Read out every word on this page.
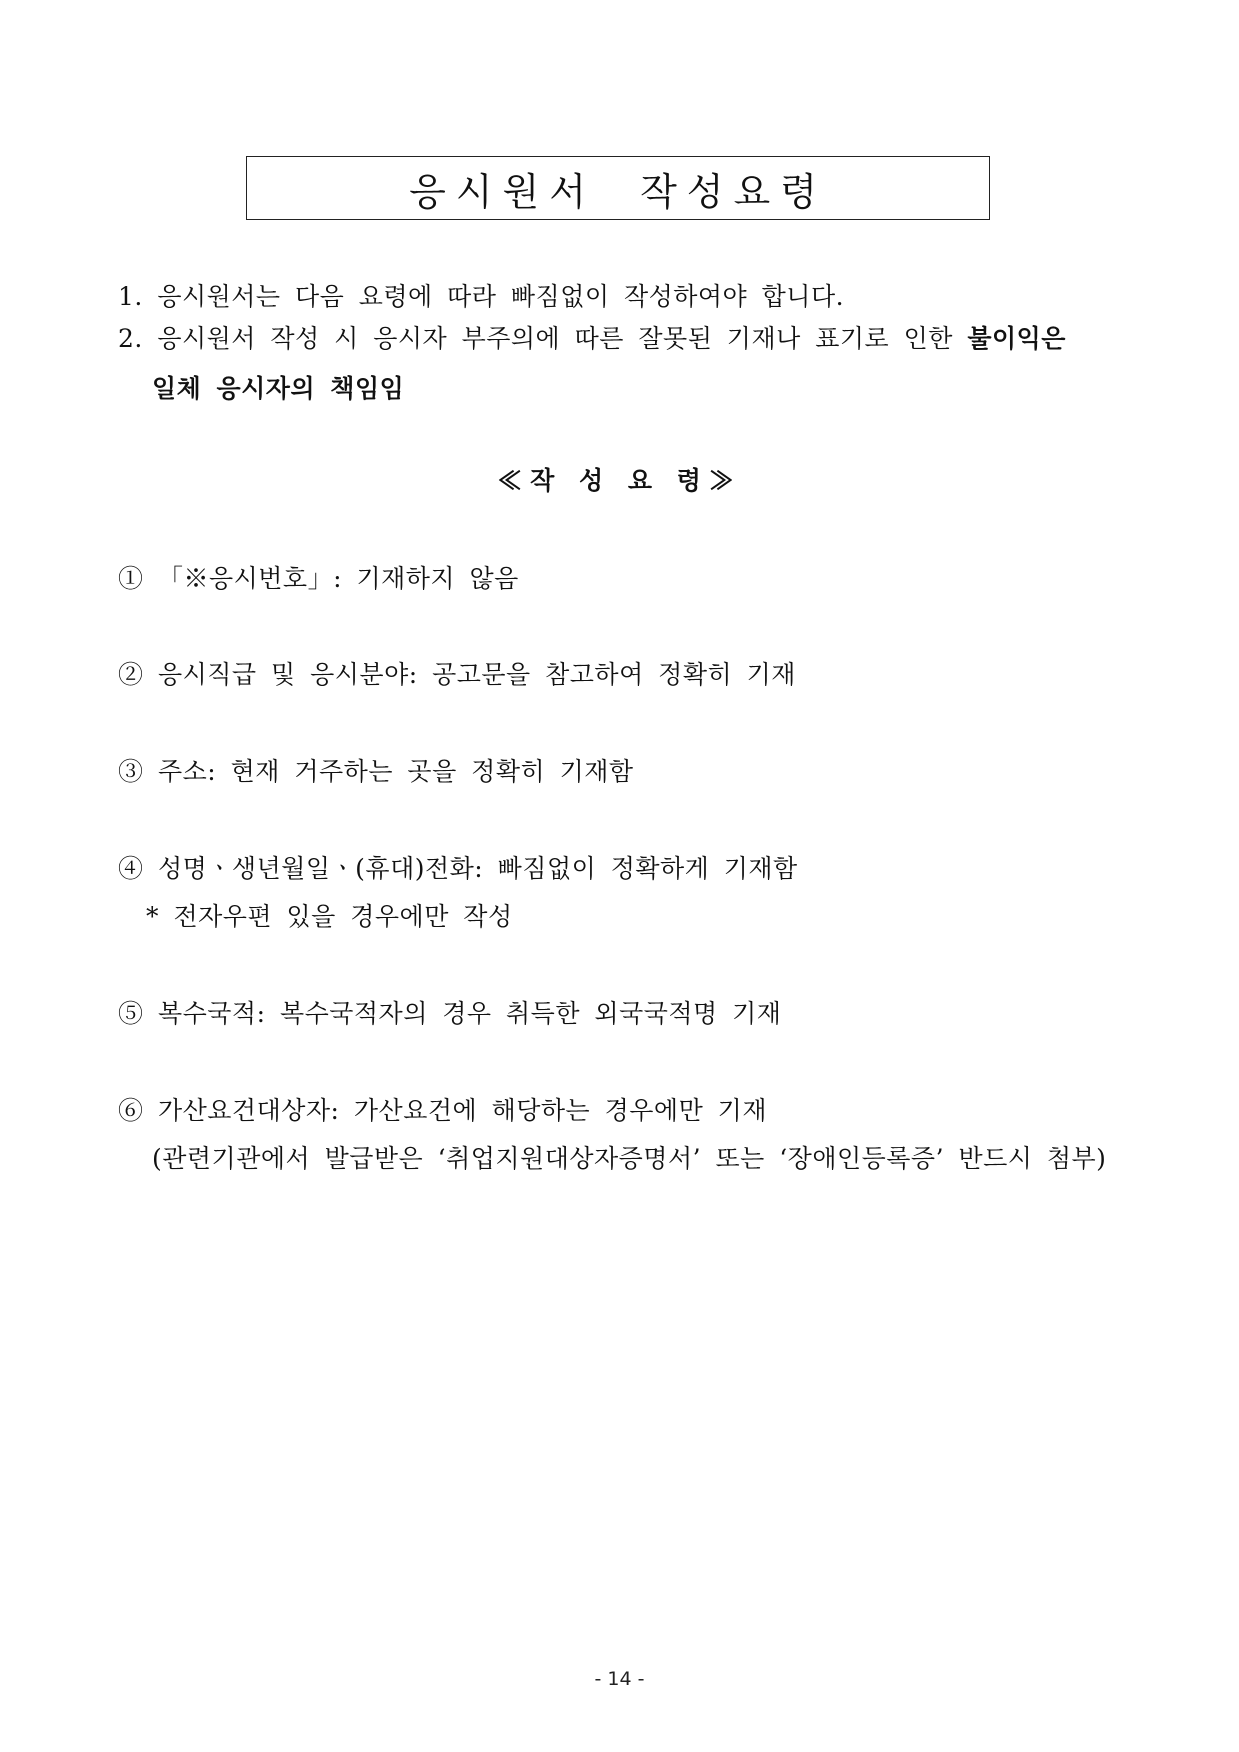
응시원서  작성요령
1. 응시원서는 다음 요령에 따라 빠짐없이 작성하여야 합니다.
2. 응시원서 작성 시 응시자 부주의에 따른 잘못된 기재나 표기로 인한 불이익은
일체 응시자의 책임임
≪작 성 요 령≫
① 「※응시번호」: 기재하지 않음
② 응시직급 및 응시분야: 공고문을 참고하여 정확히 기재
③ 주소: 현재 거주하는 곳을 정확히 기재함
④ 성명ㆍ생년월일ㆍ(휴대)전화: 빠짐없이 정확하게 기재함
* 전자우편 있을 경우에만 작성
⑤ 복수국적: 복수국적자의 경우 취득한 외국국적명 기재
⑥ 가산요건대상자: 가산요건에 해당하는 경우에만 기재
(관련기관에서 발급받은 ‘취업지원대상자증명서’ 또는 ‘장애인등록증’ 반드시 첨부)
- 14 -
